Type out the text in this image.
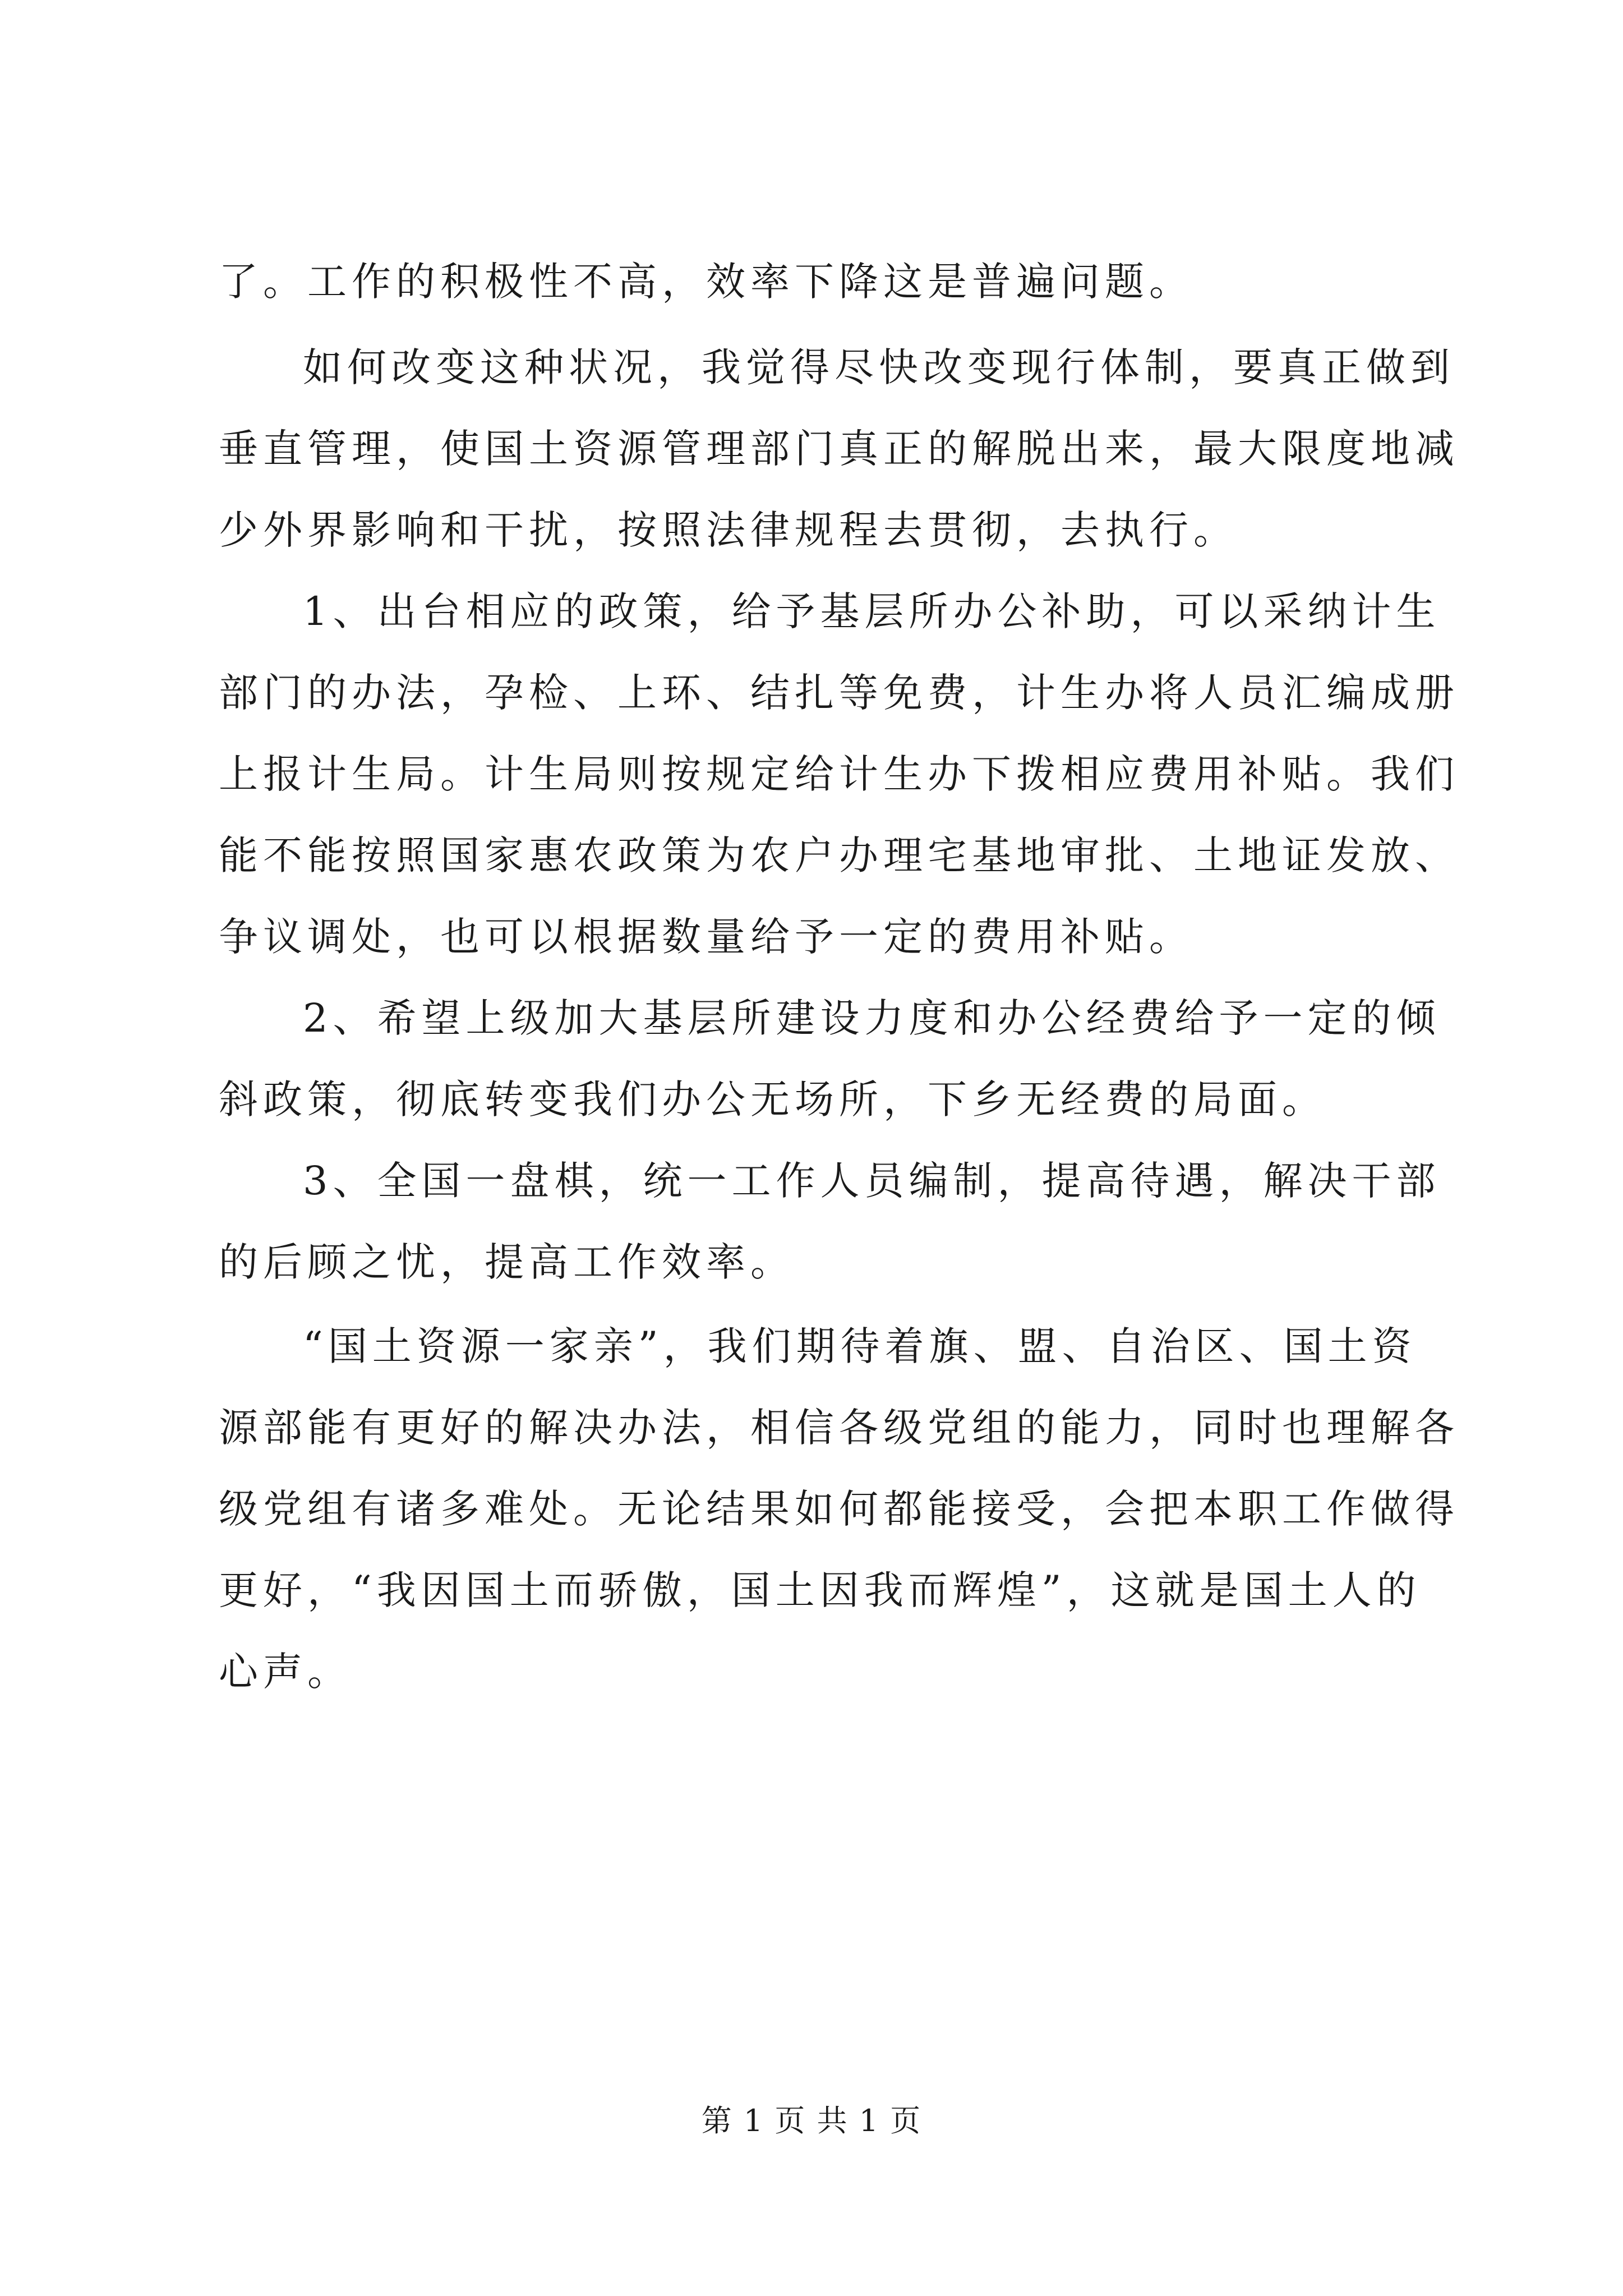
了。工作的积极性不高，效率下降这是普遍问题。
如何改变这种状况，我觉得尽快改变现行体制，要真正做到
垂直管理，使国土资源管理部门真正的解脱出来，最大限度地减
少外界影响和干扰，按照法律规程去贯彻，去执行。
1、出台相应的政策，给予基层所办公补助，可以采纳计生
部门的办法，孕检、上环、结扎等免费，计生办将人员汇编成册
上报计生局。计生局则按规定给计生办下拨相应费用补贴。我们
能不能按照国家惠农政策为农户办理宅基地审批、土地证发放、
争议调处，也可以根据数量给予一定的费用补贴。
2、希望上级加大基层所建设力度和办公经费给予一定的倾
斜政策，彻底转变我们办公无场所，下乡无经费的局面。
3、全国一盘棋，统一工作人员编制，提高待遇，解决干部
的后顾之忧，提高工作效率。
“国土资源一家亲”，我们期待着旗、盟、自治区、国土资
源部能有更好的解决办法，相信各级党组的能力，同时也理解各
级党组有诸多难处。无论结果如何都能接受，会把本职工作做得
更好，“我因国土而骄傲，国土因我而辉煌”，这就是国土人的
心声。
第 1 页 共 1 页
